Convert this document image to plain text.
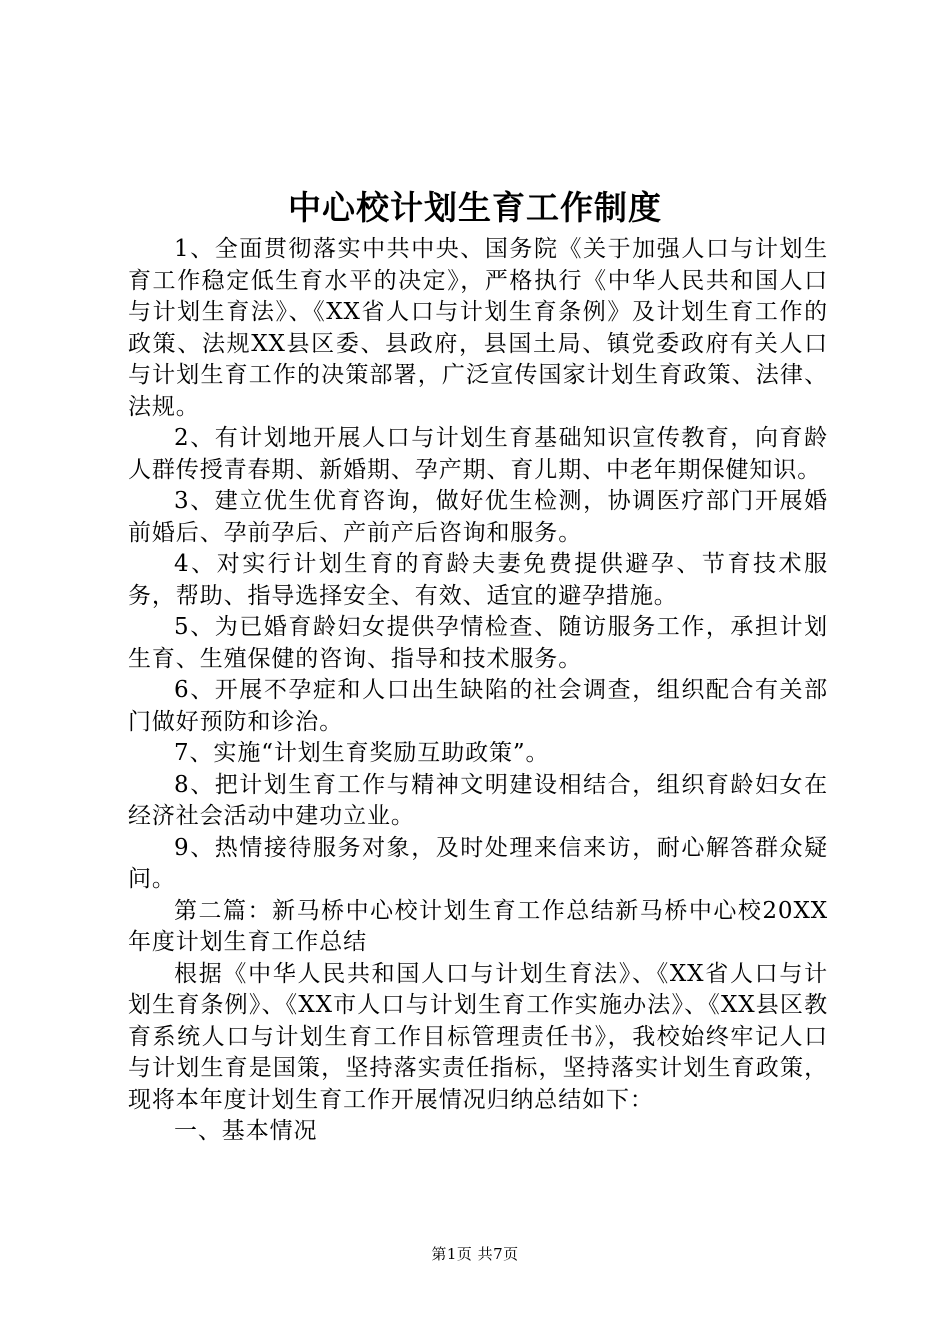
中心校计划生育工作制度

1、全面贯彻落实中共中央、国务院《关于加强人口与计划生育工作稳定低生育水平的决定》，严格执行《中华人民共和国人口与计划生育法》、《XX省人口与计划生育条例》及计划生育工作的政策、法规XX县区委、县政府，县国土局、镇党委政府有关人口与计划生育工作的决策部署，广泛宣传国家计划生育政策、法律、法规。

2、有计划地开展人口与计划生育基础知识宣传教育，向育龄人群传授青春期、新婚期、孕产期、育儿期、中老年期保健知识。

3、建立优生优育咨询，做好优生检测，协调医疗部门开展婚前婚后、孕前孕后、产前产后咨询和服务。

4、对实行计划生育的育龄夫妻免费提供避孕、节育技术服务，帮助、指导选择安全、有效、适宜的避孕措施。

5、为已婚育龄妇女提供孕情检查、随访服务工作，承担计划生育、生殖保健的咨询、指导和技术服务。

6、开展不孕症和人口出生缺陷的社会调查，组织配合有关部门做好预防和诊治。

7、实施“计划生育奖励互助政策”。

8、把计划生育工作与精神文明建设相结合，组织育龄妇女在经济社会活动中建功立业。

9、热情接待服务对象，及时处理来信来访，耐心解答群众疑问。

第二篇：新马桥中心校计划生育工作总结新马桥中心校20XX年度计划生育工作总结

根据《中华人民共和国人口与计划生育法》、《XX省人口与计划生育条例》、《XX市人口与计划生育工作实施办法》、《XX县区教育系统人口与计划生育工作目标管理责任书》，我校始终牢记人口与计划生育是国策，坚持落实责任指标，坚持落实计划生育政策，现将本年度计划生育工作开展情况归纳总结如下：

一、基本情况

第1页 共7页
